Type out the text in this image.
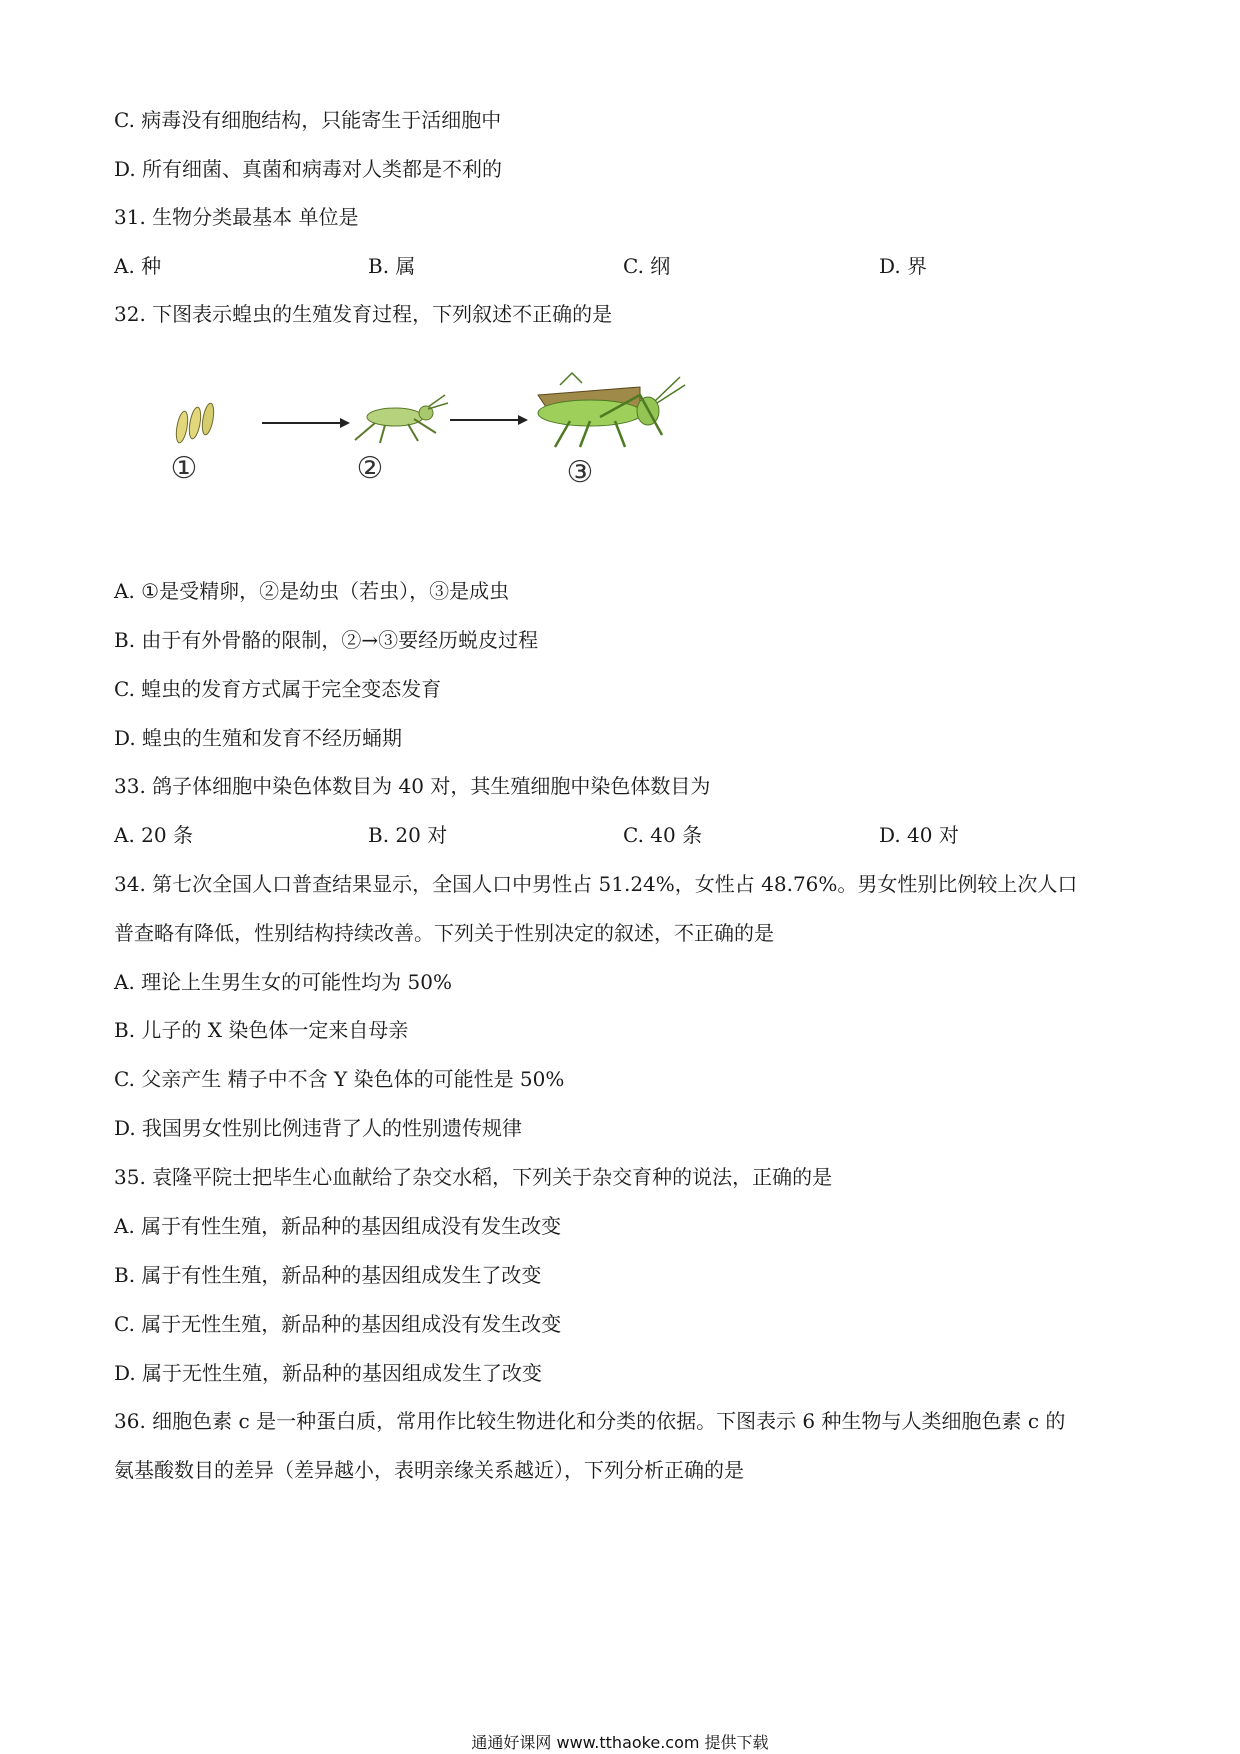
C. 病毒没有细胞结构，只能寄生于活细胞中
D. 所有细菌、真菌和病毒对人类都是不利的
31. 生物分类最基本 单位是
A. 种	B. 属	C. 纲	D. 界
32. 下图表示蝗虫的生殖发育过程，下列叙述不正确的是
①	②	③
A. ①是受精卵，②是幼虫（若虫），③是成虫
B. 由于有外骨骼的限制，②→③要经历蜕皮过程
C. 蝗虫的发育方式属于完全变态发育
D. 蝗虫的生殖和发育不经历蛹期
33. 鸽子体细胞中染色体数目为 40 对，其生殖细胞中染色体数目为
A. 20 条	B. 20 对	C. 40 条	D. 40 对
34. 第七次全国人口普查结果显示，全国人口中男性占 51.24%，女性占 48.76%。男女性别比例较上次人口
普查略有降低，性别结构持续改善。下列关于性别决定的叙述，不正确的是
A. 理论上生男生女的可能性均为 50%
B. 儿子的 X 染色体一定来自母亲
C. 父亲产生 精子中不含 Y 染色体的可能性是 50%
D. 我国男女性别比例违背了人的性别遗传规律
35. 袁隆平院士把毕生心血献给了杂交水稻，下列关于杂交育种的说法，正确的是
A. 属于有性生殖，新品种的基因组成没有发生改变
B. 属于有性生殖，新品种的基因组成发生了改变
C. 属于无性生殖，新品种的基因组成没有发生改变
D. 属于无性生殖，新品种的基因组成发生了改变
36. 细胞色素 c 是一种蛋白质，常用作比较生物进化和分类的依据。下图表示 6 种生物与人类细胞色素 c 的
氨基酸数目的差异（差异越小，表明亲缘关系越近），下列分析正确的是
通通好课网 www.tthaoke.com 提供下载
